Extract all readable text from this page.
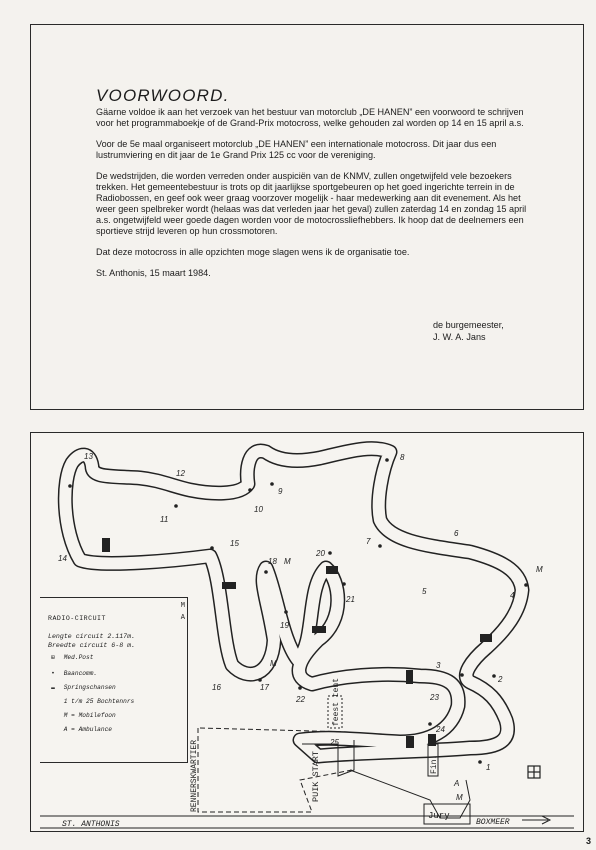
VOORWOORD.

Gäarne voldoe ik aan het verzoek van het bestuur van motorclub „DE HANEN” een voorwoord te schrijven voor het programmaboekje of de Grand-Prix motocross, welke gehouden zal worden op 14 en 15 april a.s.

Voor de 5e maal organiseert motorclub „DE HANEN” een internationale motocross. Dit jaar dus een lustrumviering en dit jaar de 1e Grand Prix 125 cc voor de vereniging.

De wedstrijden, die worden verreden onder auspiciën van de KNMV, zullen ongetwijfeld vele bezoekers trekken. Het gemeentebestuur is trots op dit jaarlijkse sportgebeuren op het goed ingerichte terrein in de Radiobossen, en geef ook weer graag voorzover mogelijk - haar medewerking aan dit evenement. Als het weer geen spelbreker wordt (helaas was dat verleden jaar het geval) zullen zaterdag 14 en zondag 15 april a.s. ongetwijfeld weer goede dagen worden voor de motocrossliefhebbers. Ik hoop dat de deelnemers een sportieve strijd leveren op hun crossmotoren.

Dat deze motocross in alle opzichten moge slagen wens ik de organisatie toe.

St. Anthonis, 15 maart 1984.

de burgemeester,
J. W. A. Jans
1
2
3
4
5
6
7
8
9
10
11
12
13
14
15
16	17
18
19
20
21
22	23
24
25
M
M
M
M
A
feest tent
PUIK START	Fin.
Jury
RENNERSKWARTIER
ST. ANTHONIS	BOXMEER
M
A
RADIO-CIRCUIT
Lengte circuit 2.117m.
Breedte circuit 6-8 m.
⊞ Med.Post
• Baancomm.
▬ Springschansen
1 t/m 25 Bochtennrs
M = Mobilefoon
A = Ambulance
3
